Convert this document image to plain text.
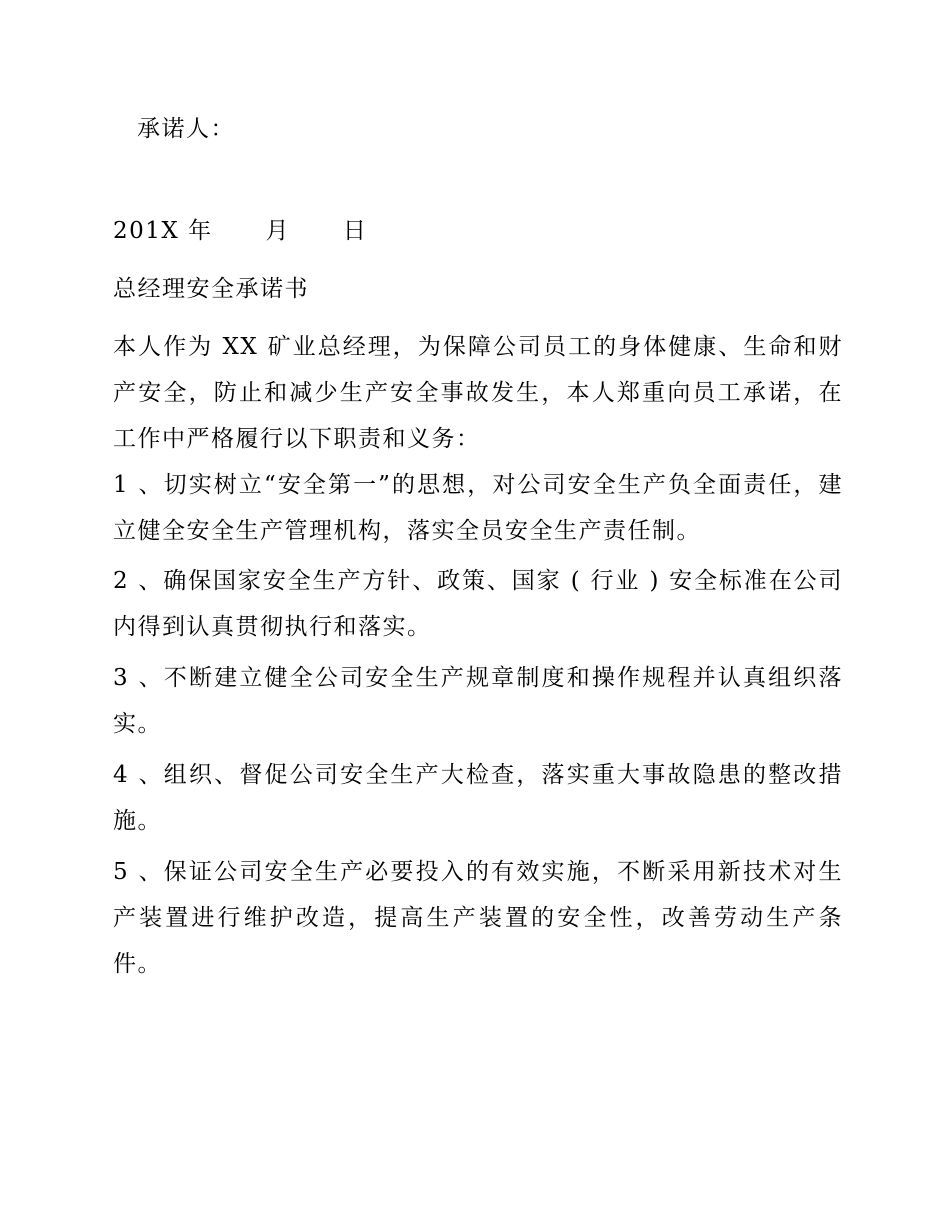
承诺人：
201X 年      月      日
总经理安全承诺书
本人作为 XX 矿业总经理，为保障公司员工的身体健康、生命和财产安全，防止和减少生产安全事故发生，本人郑重向员工承诺，在工作中严格履行以下职责和义务：
1 、切实树立“安全第一”的思想，对公司安全生产负全面责任，建立健全安全生产管理机构，落实全员安全生产责任制。
2 、确保国家安全生产方针、政策、国家 ( 行业 ) 安全标准在公司内得到认真贯彻执行和落实。
3 、不断建立健全公司安全生产规章制度和操作规程并认真组织落实。
4 、组织、督促公司安全生产大检查，落实重大事故隐患的整改措施。
5 、保证公司安全生产必要投入的有效实施，不断采用新技术对生产装置进行维护改造，提高生产装置的安全性，改善劳动生产条件。
